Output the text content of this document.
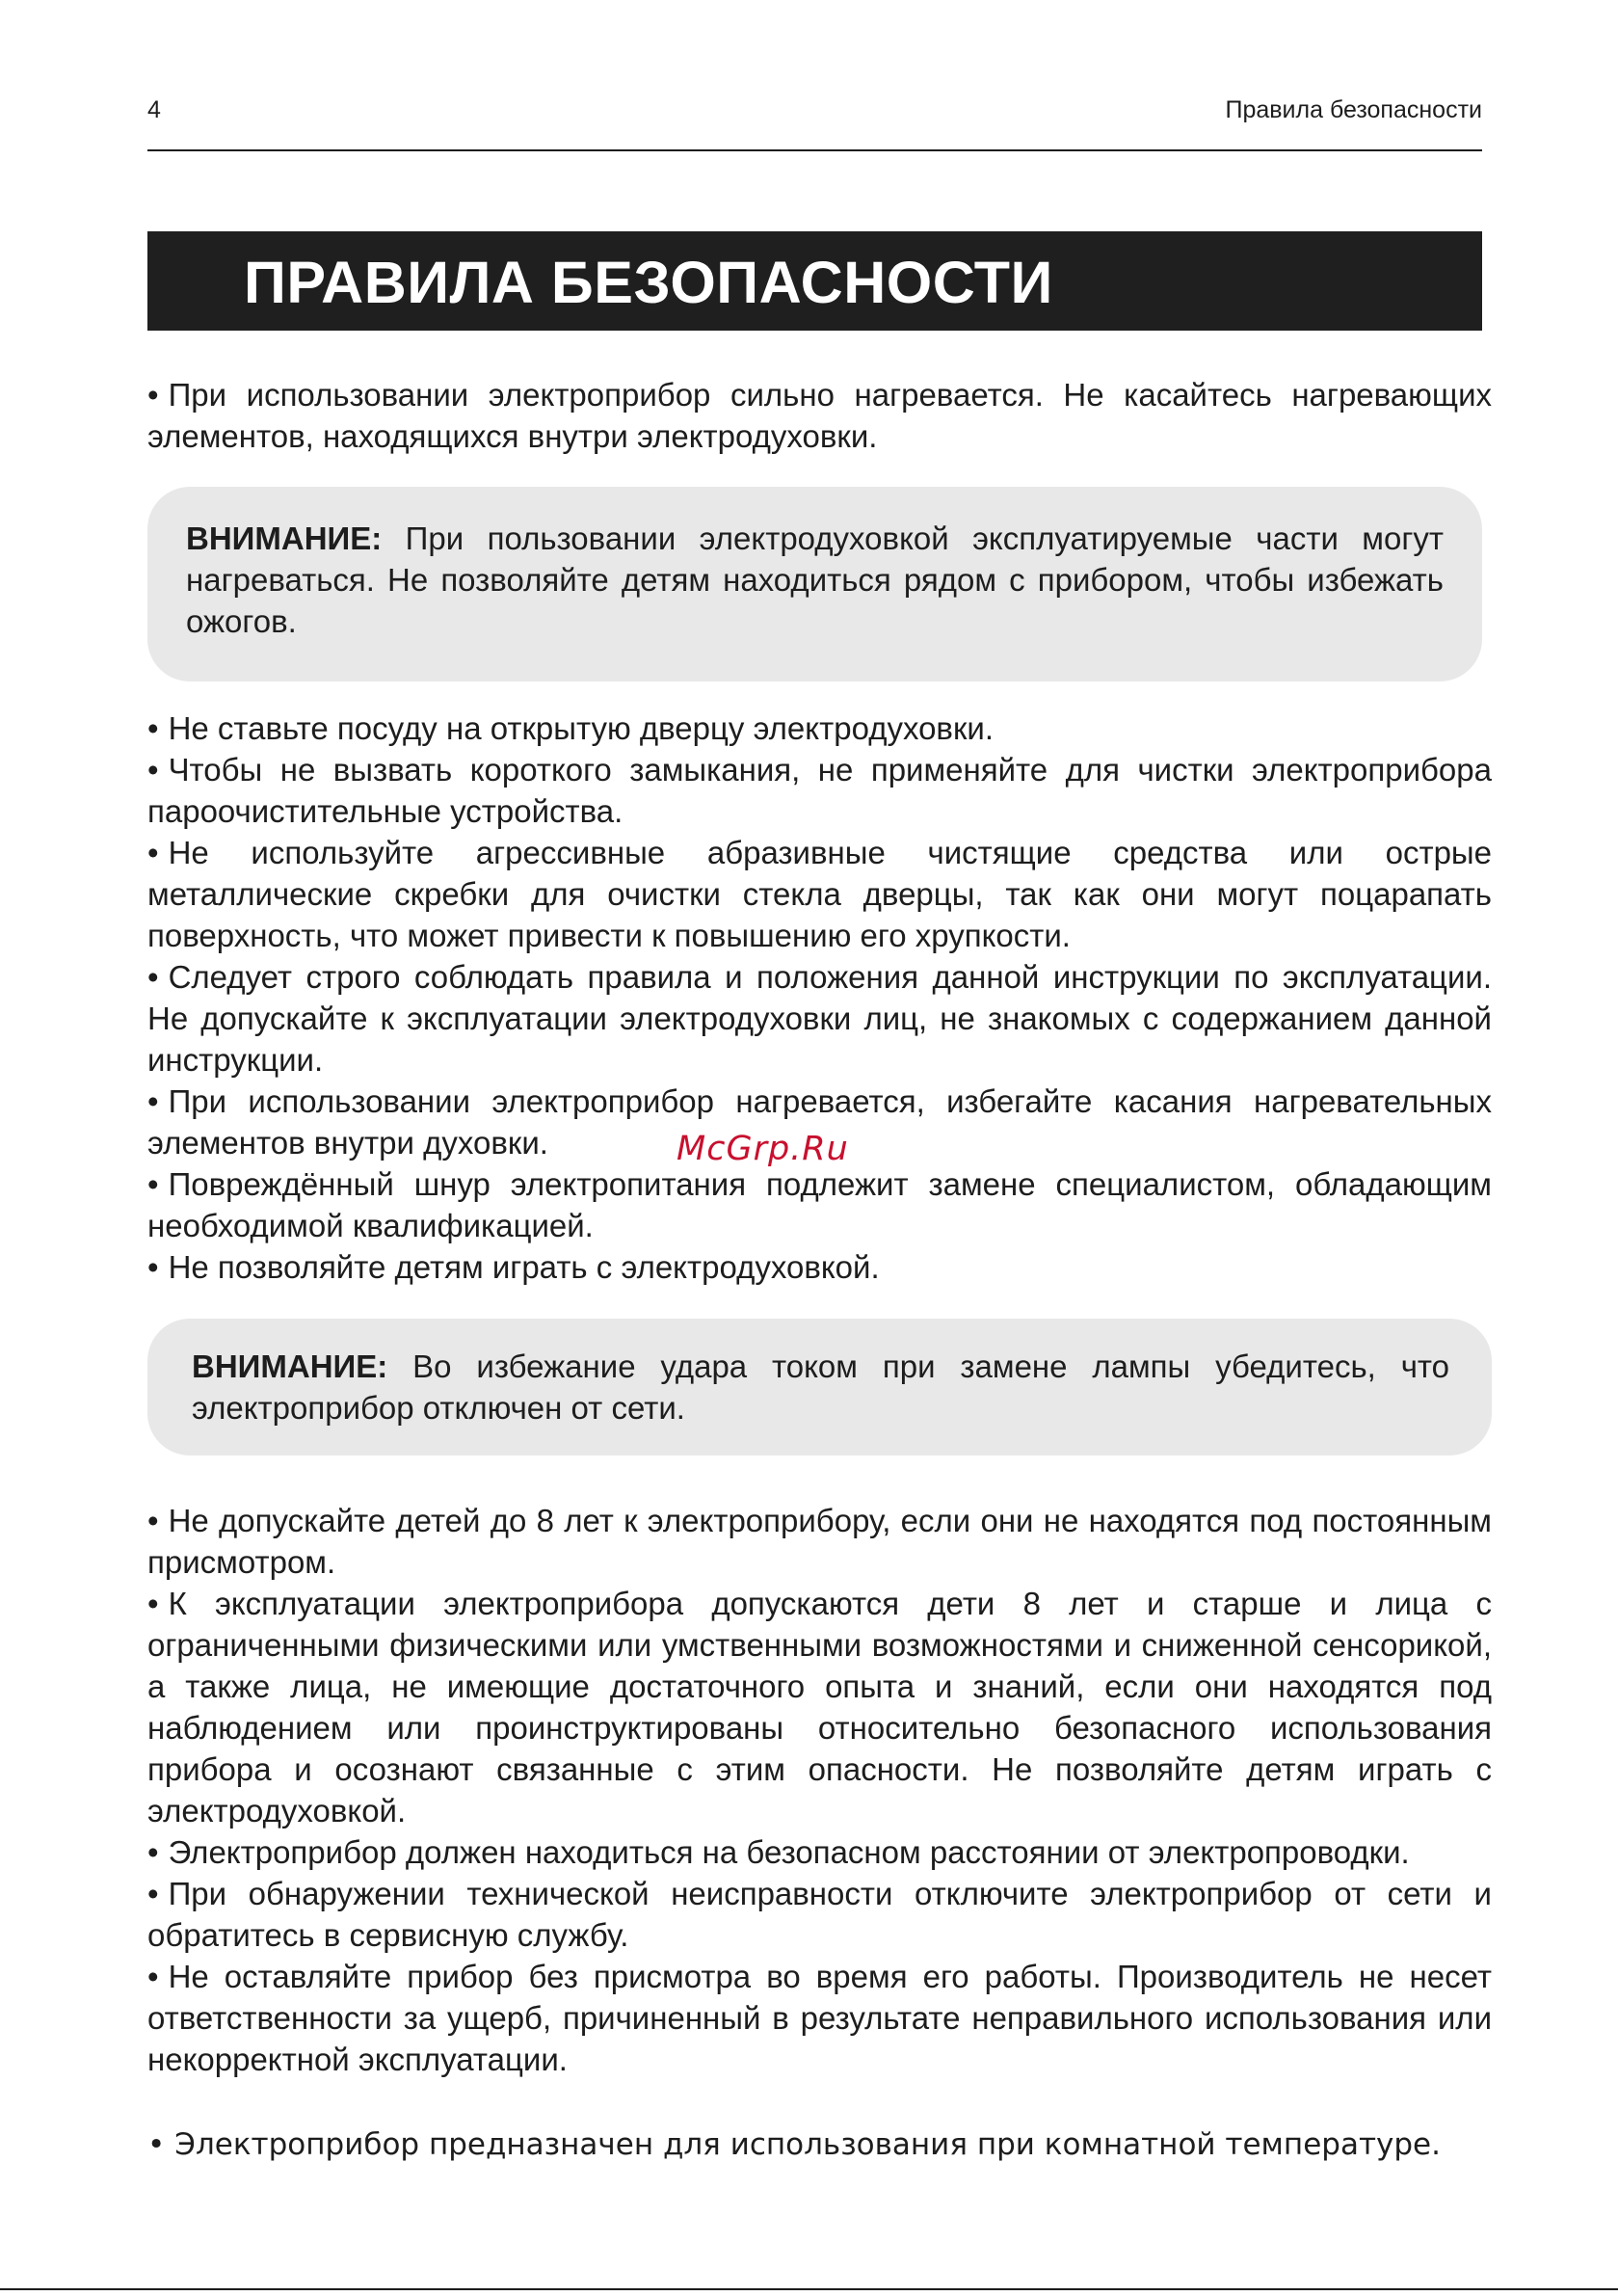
4	Правила безопасности
ПРАВИЛА БЕЗОПАСНОСТИ

• При использовании электроприбор сильно нагревается. Не касайтесь нагревающих элементов, находящихся внутри электродуховки.

ВНИМАНИЕ: При пользовании электродуховкой эксплуатируемые части могут нагреваться. Не позволяйте детям находиться рядом с прибором, чтобы избежать ожогов.

• Не ставьте посуду на открытую дверцу электродуховки.

• Чтобы не вызвать короткого замыкания, не применяйте для чистки электроприбора пароочистительные устройства.

• Не используйте агрессивные абразивные чистящие средства или острые металлические скребки для очистки стекла дверцы, так как они могут поцарапать поверхность, что может привести к повышению его хрупкости.

• Следует строго соблюдать правила и положения данной инструкции по эксплуатации. Не допускайте к эксплуатации электродуховки лиц, не знакомых с содержанием данной инструкции.

• При использовании электроприбор нагревается, избегайте касания нагревательных элементов внутри духовки.

• Повреждённый шнур электропитания подлежит замене специалистом, обладающим необходимой квалификацией.

• Не позволяйте детям играть с электродуховкой.

McGrp.Ru
ВНИМАНИЕ: Во избежание удара током при замене лампы убедитесь, что электроприбор отключен от сети.

• Не допускайте детей до 8 лет к электроприбору, если они не находятся под постоянным присмотром.

• К эксплуатации электроприбора допускаются дети 8 лет и старше и лица с ограниченными физическими или умственными возможностями и сниженной сенсорикой, а также лица, не имеющие достаточного опыта и знаний, если они находятся под наблюдением или проинструктированы относительно безопасного использования прибора и осознают связанные с этим опасности. Не позволяйте детям играть с электродуховкой.

• Электроприбор должен находиться на безопасном расстоянии от электропроводки.

• При обнаружении технической неисправности отключите электроприбор от сети и обратитесь в сервисную службу.

• Не оставляйте прибор без присмотра во время его работы. Производитель не несет ответственности за ущерб, причиненный в результате неправильного использования или некорректной эксплуатации.

• Электроприбор предназначен для использования при комнатной температуре.
